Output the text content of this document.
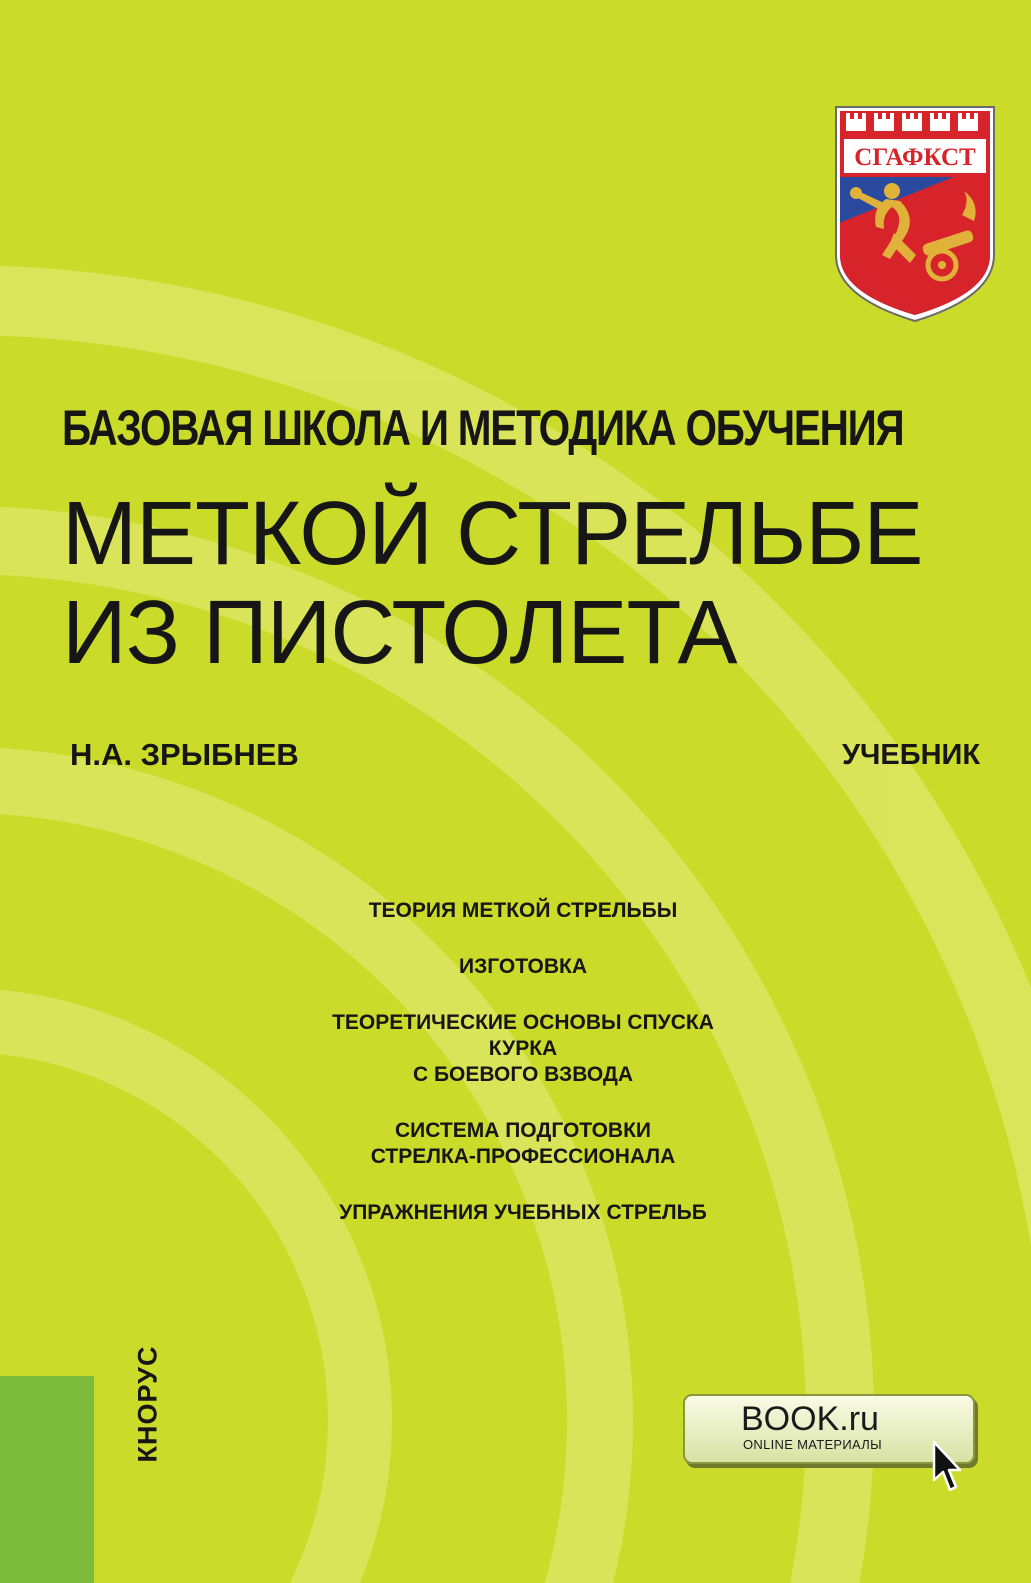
СГАФКСТ
БАЗОВАЯ ШКОЛА И МЕТОДИКА ОБУЧЕНИЯ
МЕТКОЙ СТРЕЛЬБЕ
ИЗ ПИСТОЛЕТА
Н.А. ЗРЫБНЕВ	УЧЕБНИК
ТЕОРИЯ МЕТКОЙ СТРЕЛЬБЫ
ИЗГОТОВКА
ТЕОРЕТИЧЕСКИЕ ОСНОВЫ СПУСКА КУРКА
С БОЕВОГО ВЗВОДА
СИСТЕМА ПОДГОТОВКИ
СТРЕЛКА-ПРОФЕССИОНАЛА
УПРАЖНЕНИЯ УЧЕБНЫХ СТРЕЛЬБ
КНОРУС	BOOK.ru
ONLINE МАТЕРИАЛЫ
